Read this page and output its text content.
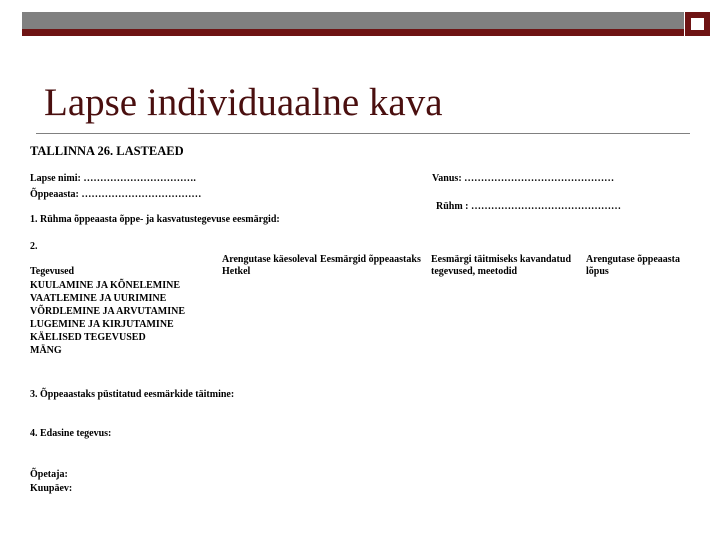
Lapse individuaalne kava
TALLINNA 26. LASTEAED
Lapse nimi: …………………………….	Vanus: ………………………………………
Õppeaasta: ………………………………
Rühm : ………………………………………
1. Rühma õppeaasta õppe- ja kasvatustegevuse eesmärgid:
2.
Arengutase käesoleval
Hetkel
Eesmärgid õppeaastaks Eesmärgi täitmiseks kavandatud
tegevused, meetodid
Arengutase õppeaasta
lõpus
Tegevused
KUULAMINE JA KÕNELEMINE
VAATLEMINE JA UURIMINE
VÕRDLEMINE JA ARVUTAMINE
LUGEMINE JA KIRJUTAMINE
KÄELISED TEGEVUSED
MÄNG
3. Õppeaastaks püstitatud eesmärkide täitmine:
4. Edasine tegevus:
Õpetaja:
Kuupäev:
